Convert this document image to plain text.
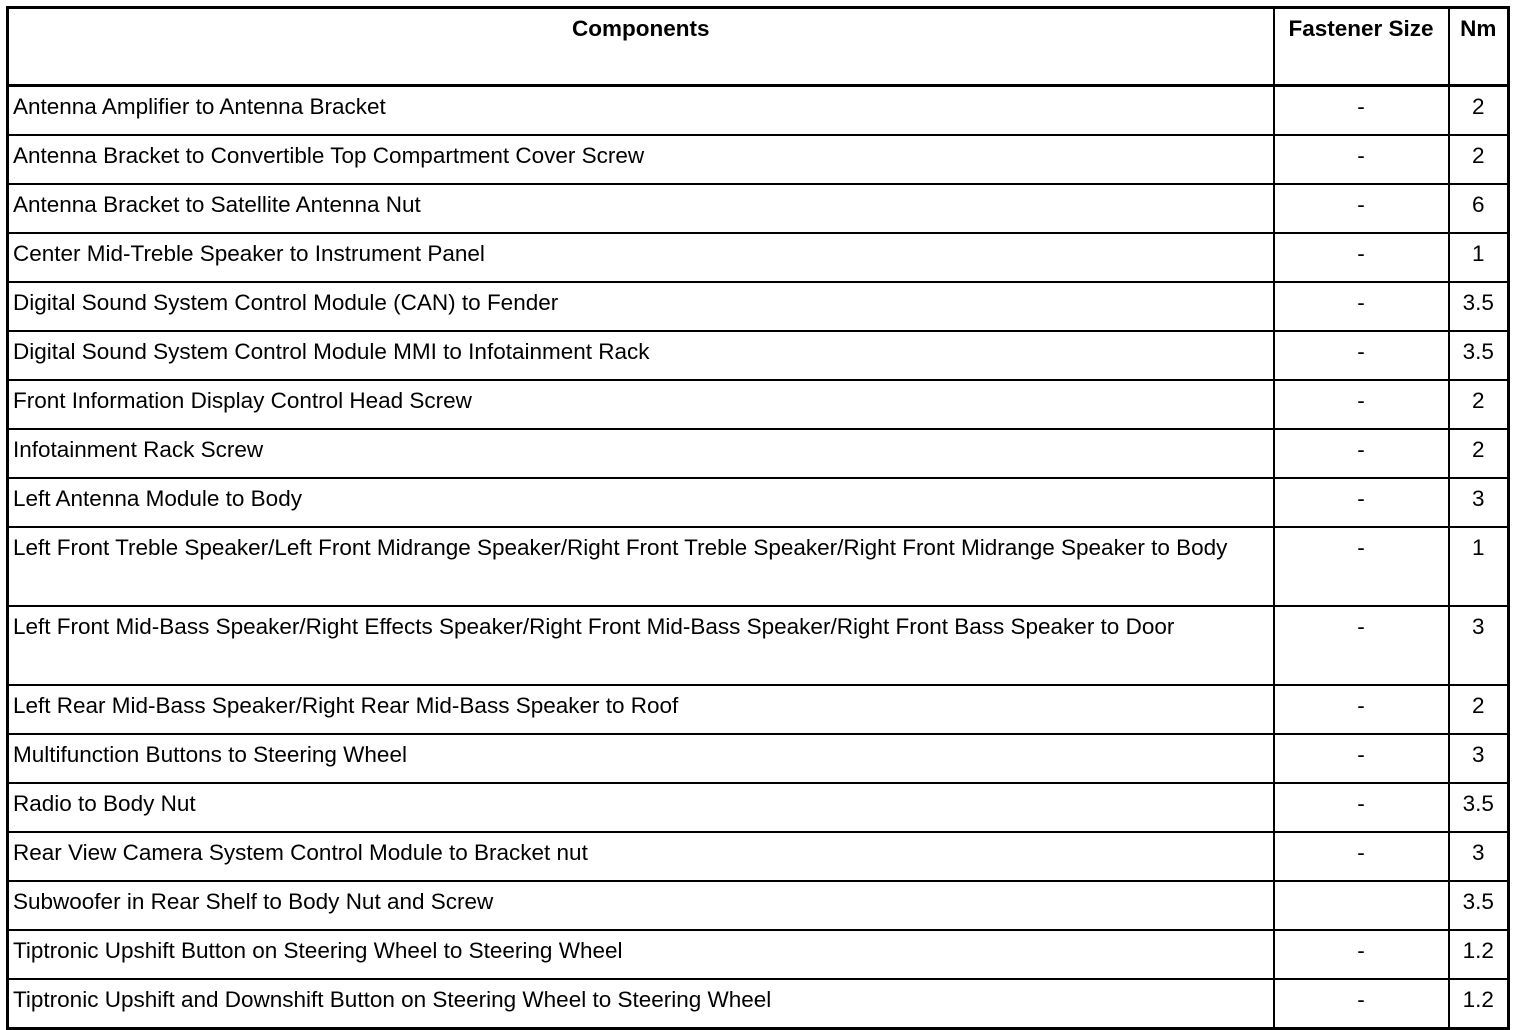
Components	Fastener Size	Nm
Antenna Amplifier to Antenna Bracket	-	2
Antenna Bracket to Convertible Top Compartment Cover Screw	-	2
Antenna Bracket to Satellite Antenna Nut	-	6
Center Mid-Treble Speaker to Instrument Panel	-	1
Digital Sound System Control Module (CAN) to Fender	-	3.5
Digital Sound System Control Module MMI to Infotainment Rack	-	3.5
Front Information Display Control Head Screw	-	2
Infotainment Rack Screw	-	2
Left Antenna Module to Body	-	3
Left Front Treble Speaker/Left Front Midrange Speaker/Right Front Treble Speaker/Right Front Midrange Speaker to Body	-	1
Left Front Mid-Bass Speaker/Right Effects Speaker/Right Front Mid-Bass Speaker/Right Front Bass Speaker to Door	-	3
Left Rear Mid-Bass Speaker/Right Rear Mid-Bass Speaker to Roof	-	2
Multifunction Buttons to Steering Wheel	-	3
Radio to Body Nut	-	3.5
Rear View Camera System Control Module to Bracket nut	-	3
Subwoofer in Rear Shelf to Body Nut and Screw		3.5
Tiptronic Upshift Button on Steering Wheel to Steering Wheel	-	1.2
Tiptronic Upshift and Downshift Button on Steering Wheel to Steering Wheel	-	1.2
